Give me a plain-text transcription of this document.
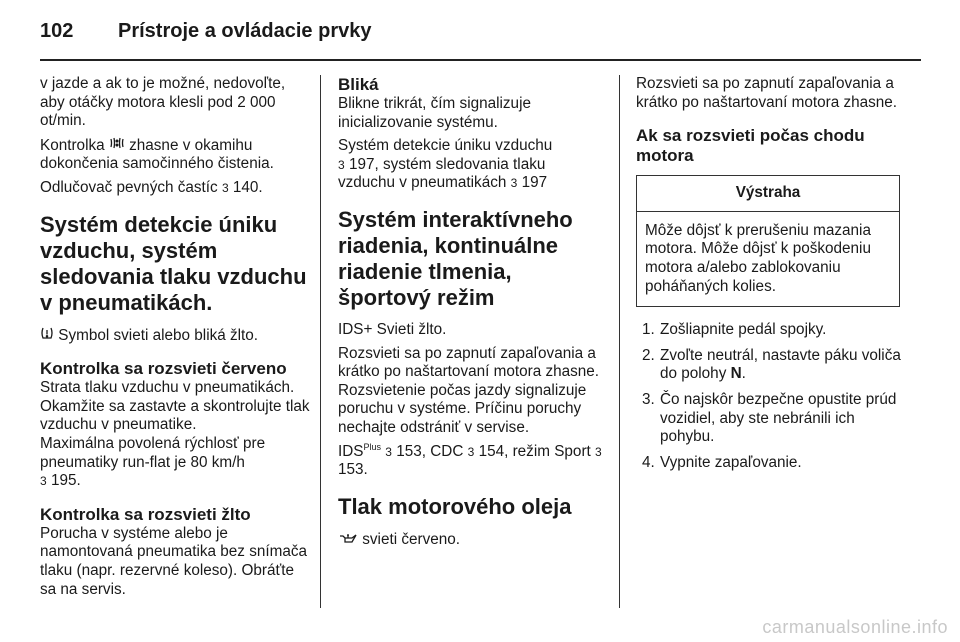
102 Prístroje a ovládacie prvky

v jazde a ak to je možné, nedovoľte, aby otáčky motora klesli pod 2 000 ot/min.

Kontrolka zhasne v okamihu dokončenia samočinného čistenia.

Odlučovač pevných častíc 3 140.

Systém detekcie úniku vzduchu, systém sledovania tlaku vzduchu v pneumatikách.

Symbol svieti alebo bliká žlto.

Kontrolka sa rozsvieti červeno

Strata tlaku vzduchu v pneumatikách. Okamžite sa zastavte a skontrolujte tlak vzduchu v pneumatike.

Maximálna povolená rýchlosť pre pneumatiky run-flat je 80 km/h
3 195.

Kontrolka sa rozsvieti žlto

Porucha v systéme alebo je namontovaná pneumatika bez snímača tlaku (napr. rezervné koleso). Obráťte sa na servis.

Bliká

Blikne trikrát, čím signalizuje inicializovanie systému.

Systém detekcie úniku vzduchu
3 197, systém sledovania tlaku vzduchu v pneumatikách 3 197

Systém interaktívneho riadenia, kontinuálne riadenie tlmenia, športový režim

IDS+ Svieti žlto.

Rozsvieti sa po zapnutí zapaľovania a krátko po naštartovaní motora zhasne. Rozsvietenie počas jazdy signalizuje poruchu v systéme. Príčinu poruchy nechajte odstrániť v servise.

$IDS^{Plus}$ 3 153, CDC 3 154, režim Sport 3 153.

Tlak motorového oleja

svieti červeno.

Rozsvieti sa po zapnutí zapaľovania a krátko po naštartovaní motora zhasne.

Ak sa rozsvieti počas chodu motora
Výstraha
Môže dôjsť k prerušeniu mazania motora. Môže dôjsť k poškodeniu motora a/alebo zablokovaniu poháňaných kolies.
1. Zošliapnite pedál spojky.
2. Zvoľte neutrál, nastavte páku voliča do polohy N.
3. Čo najskôr bezpečne opustite prúd vozidiel, aby ste nebránili ich pohybu.
4. Vypnite zapaľovanie.
carmanualsonline.info
